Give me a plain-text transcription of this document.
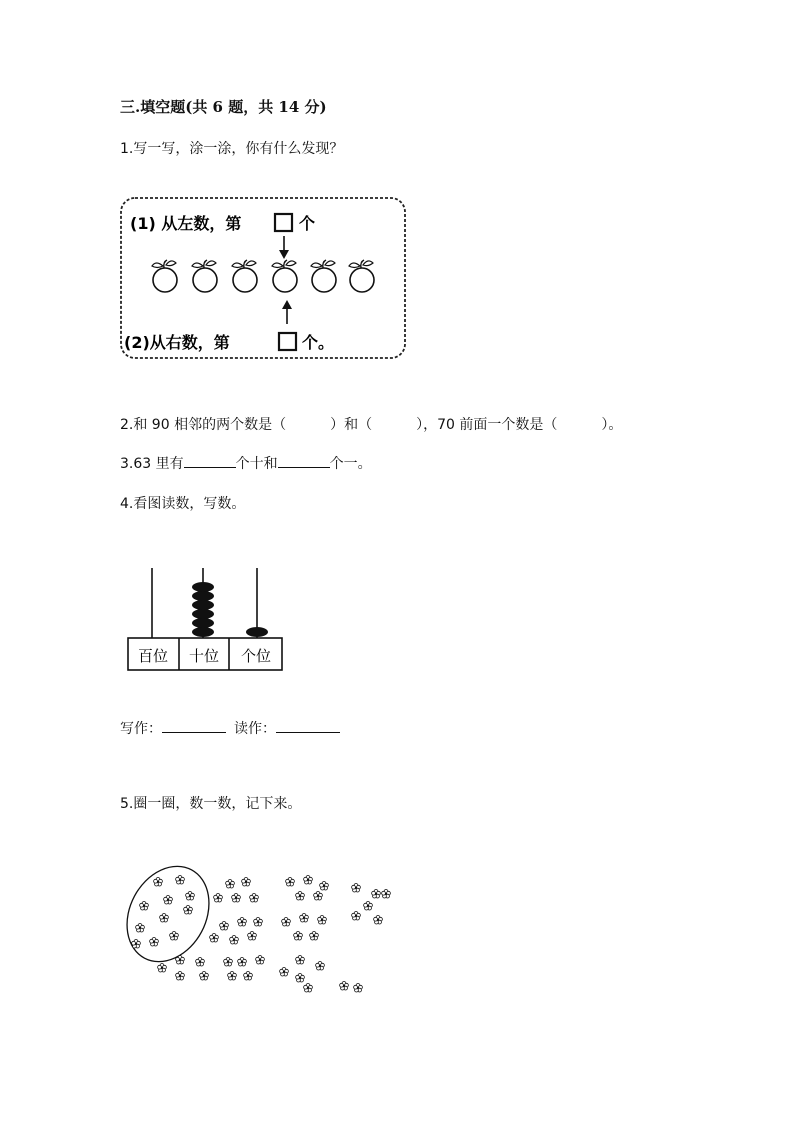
三.填空题(共 6 题，共 14 分)
1.写一写，涂一涂，你有什么发现？
(1) 从左数，第	个
(2)从右数，第	个。
2.和 90 相邻的两个数是（	）和（	），70 前面一个数是（	）。
3.63 里有	个十和	个一。
4.看图读数，写数。
百位 十位 个位
写作：	读作：
5.圈一圈，数一数，记下来。
